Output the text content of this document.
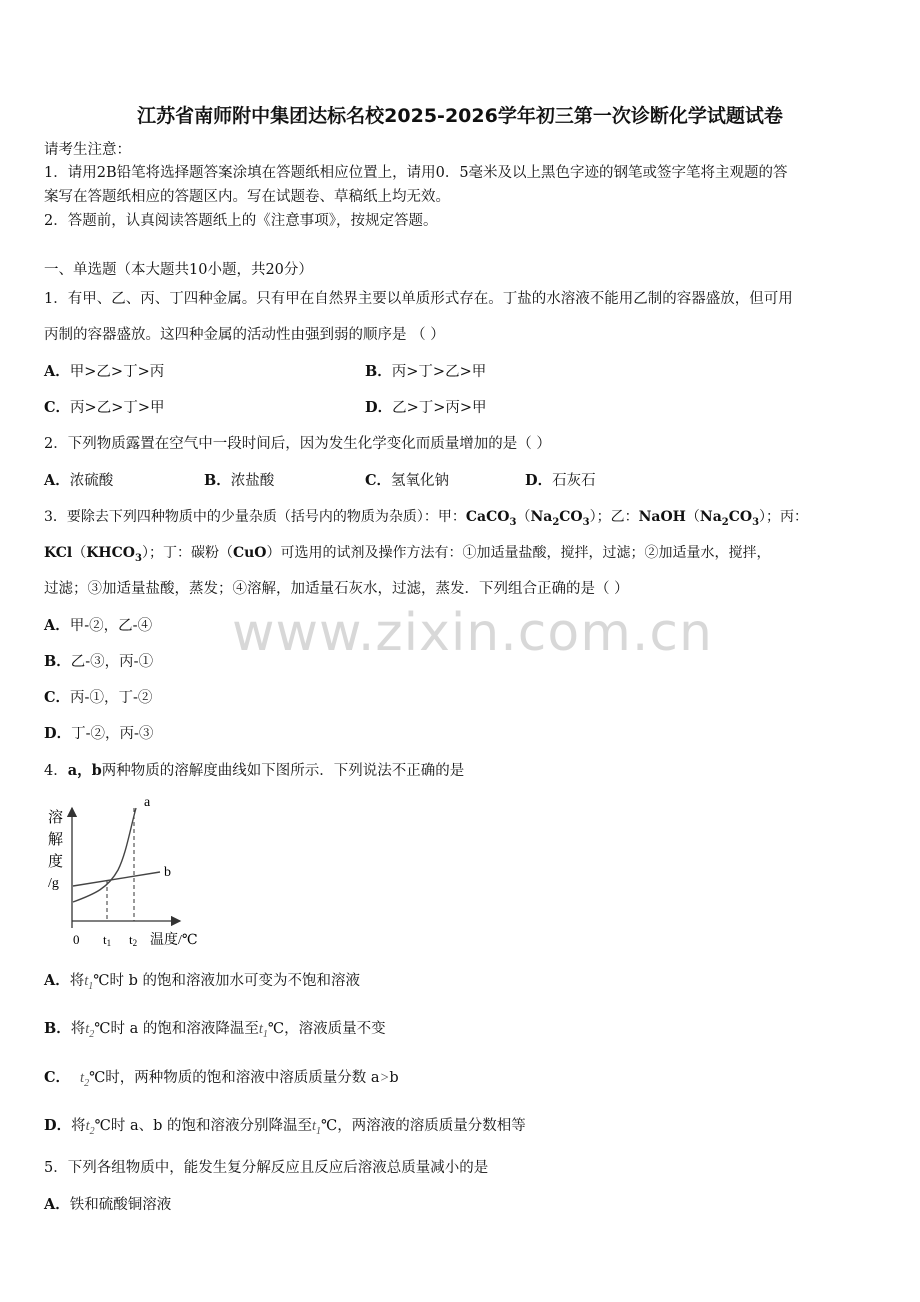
江苏省南师附中集团达标名校2025-2026学年初三第一次诊断化学试题试卷
请考生注意：
1．请用2B铅笔将选择题答案涂填在答题纸相应位置上，请用0．5毫米及以上黑色字迹的钢笔或签字笔将主观题的答
案写在答题纸相应的答题区内。写在试题卷、草稿纸上均无效。
2．答题前，认真阅读答题纸上的《注意事项》，按规定答题。
一、单选题（本大题共10小题，共20分）
1．有甲、乙、丙、丁四种金属。只有甲在自然界主要以单质形式存在。丁盐的水溶液不能用乙制的容器盛放，但可用
丙制的容器盛放。这四种金属的活动性由强到弱的顺序是 （ ）
A．甲>乙>丁>丙	B．丙>丁>乙>甲
C．丙>乙>丁>甲	D．乙>丁>丙>甲
2．下列物质露置在空气中一段时间后，因为发生化学变化而质量增加的是（ ）
A．浓硫酸	B．浓盐酸	C．氢氧化钠	D．石灰石
3．要除去下列四种物质中的少量杂质（括号内的物质为杂质）：甲：$CaCO_3(Na_2CO_3)$；乙：$NaOH(Na_2CO_3)$；丙：
$KCl(KHCO_3)$；丁：碳粉（CuO）可选用的试剂及操作方法有：①加适量盐酸，搅拌，过滤；②加适量水，搅拌，
过滤；③加适量盐酸，蒸发；④溶解，加适量石灰水，过滤，蒸发．下列组合正确的是（ ）
A．甲-②，乙-④
B．乙-③，丙-①
C．丙-①，丁-②
D．丁-②，丙-③
4．a，b两种物质的溶解度曲线如下图所示．下列说法不正确的是
溶
解
度
/g
a
b
0 t1 t2 温度/℃
A．将$t_1℃$时 b 的饱和溶液加水可变为不饱和溶液
B．将$t_2℃$时 a 的饱和溶液降温至$t_1℃$，溶液质量不变
C． $t_2℃$时，两种物质的饱和溶液中溶质质量分数 a>b
D．将$t_2℃$时 a、b 的饱和溶液分别降温至$t_1℃$，两溶液的溶质质量分数相等
5．下列各组物质中，能发生复分解反应且反应后溶液总质量减小的是
A．铁和硫酸铜溶液
www.zixin.com.cn
